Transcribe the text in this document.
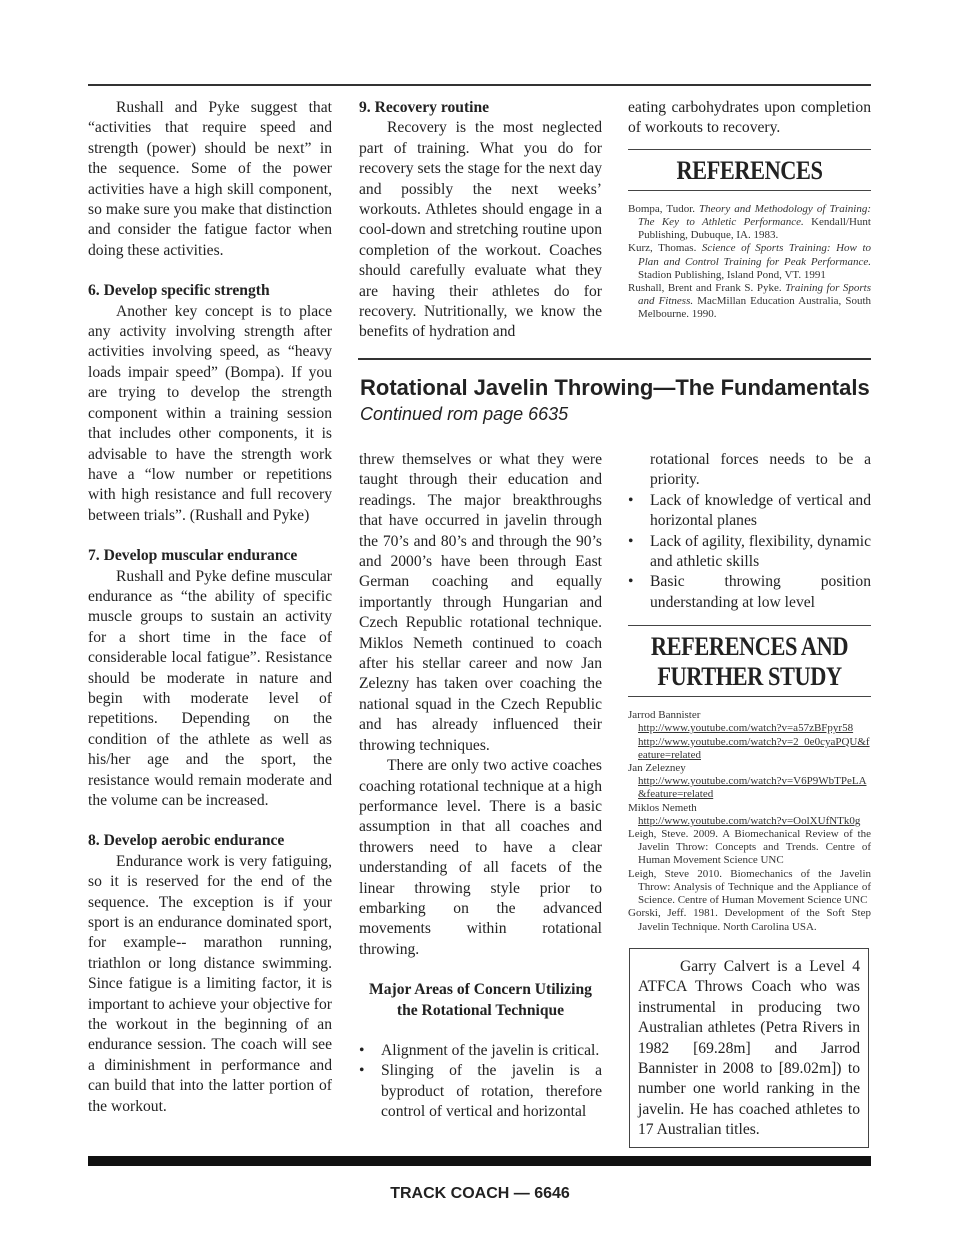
Rushall and Pyke suggest that “activities that require speed and strength (power) should be next” in the sequence. Some of the power activities have a high skill component, so make sure you make that distinction and consider the fatigue factor when doing these activities.

6. Develop specific strength

Another key concept is to place any activity involving strength after activities involving speed, as “heavy loads impair speed” (Bompa). If you are trying to develop the strength component within a training session that includes other components, it is advisable to have the strength work have a “low number or repetitions with high resistance and full recovery between trials”. (Rushall and Pyke)

7. Develop muscular endurance

Rushall and Pyke define muscular endurance as “the ability of specific muscle groups to sustain an activity for a short time in the face of considerable local fatigue”. Resistance should be moderate in nature and begin with moderate level of repetitions. Depending on the condition of the athlete as well as his/her age and the sport, the resistance would remain moderate and the volume can be increased.

8. Develop aerobic endurance

Endurance work is very fatiguing, so it is reserved for the end of the sequence. The exception is if your sport is an endurance dominated sport, for example-- marathon running, triathlon or long distance swimming. Since fatigue is a limiting factor, it is important to achieve your objective for the workout in the beginning of an endurance session. The coach will see a diminishment in performance and can build that into the latter portion of the workout.

9. Recovery routine

Recovery is the most neglected part of training. What you do for recovery sets the stage for the next day and possibly the next weeks’ workouts. Athletes should engage in a cool-down and stretching routine upon completion of the workout. Coaches should carefully evaluate what they are having their athletes do for recovery. Nutritionally, we know the benefits of hydration and

eating carbohydrates upon completion of workouts to recovery.

REFERENCES

Bompa, Tudor. Theory and Methodology of Training: The Key to Athletic Performance. Kendall/Hunt Publishing, Dubuque, IA. 1983.

Kurz, Thomas. Science of Sports Training: How to Plan and Control Training for Peak Performance. Stadion Publishing, Island Pond, VT. 1991

Rushall, Brent and Frank S. Pyke. Training for Sports and Fitness. MacMillan Education Australia, South Melbourne. 1990.

Rotational Javelin Throwing—The Fundamentals
Continued rom page 6635

threw themselves or what they were taught through their education and readings. The major breakthroughs that have occurred in javelin through the 70’s and 80’s and through the 90’s and 2000’s have been through East German coaching and equally importantly through Hungarian and Czech Republic rotational technique. Miklos Nemeth continued to coach after his stellar career and now Jan Zelezny has taken over coaching the national squad in the Czech Republic and has already influenced their throwing techniques.

There are only two active coaches coaching rotational technique at a high performance level. There is a basic assumption in that all coaches and throwers need to have a clear understanding of all facets of the linear throwing style prior to embarking on the advanced movements within rotational throwing.

Major Areas of Concern Utilizing the Rotational Technique
•	Alignment of the javelin is critical.
•	Slinging of the javelin is a byproduct of rotation, therefore control of vertical and horizontal

rotational forces needs to be a priority.

•	Lack of knowledge of vertical and horizontal planes
•	Lack of agility, flexibility, dynamic and athletic skills
•	Basic throwing position understanding at low level
REFERENCES AND
FURTHER STUDY
Jarrod Bannister
http://www.youtube.com/watch?v=a57zBFpyr58
http://www.youtube.com/watch?v=2_0e0cyaPQU&feature=related
Jan Zelezney
http://www.youtube.com/watch?v=V6P9WbTPeLA&feature=related
Miklos Nemeth
http://www.youtube.com/watch?v=OolXUfNTk0g

Leigh, Steve. 2009. A Biomechanical Review of the Javelin Throw: Concepts and Trends. Centre of Human Movement Science UNC

Leigh, Steve 2010. Biomechanics of the Javelin Throw: Analysis of Technique and the Appliance of Science. Centre of Human Movement Science UNC

Gorski, Jeff. 1981. Development of the Soft Step Javelin Technique. North Carolina USA.

Garry Calvert is a Level 4 ATFCA Throws Coach who was instrumental in producing two Australian athletes (Petra Rivers in 1982 [69.28m] and Jarrod Bannister in 2008 to [89.02m]) to number one world ranking in the javelin. He has coached athletes to 17 Australian titles.
TRACK COACH — 6646
